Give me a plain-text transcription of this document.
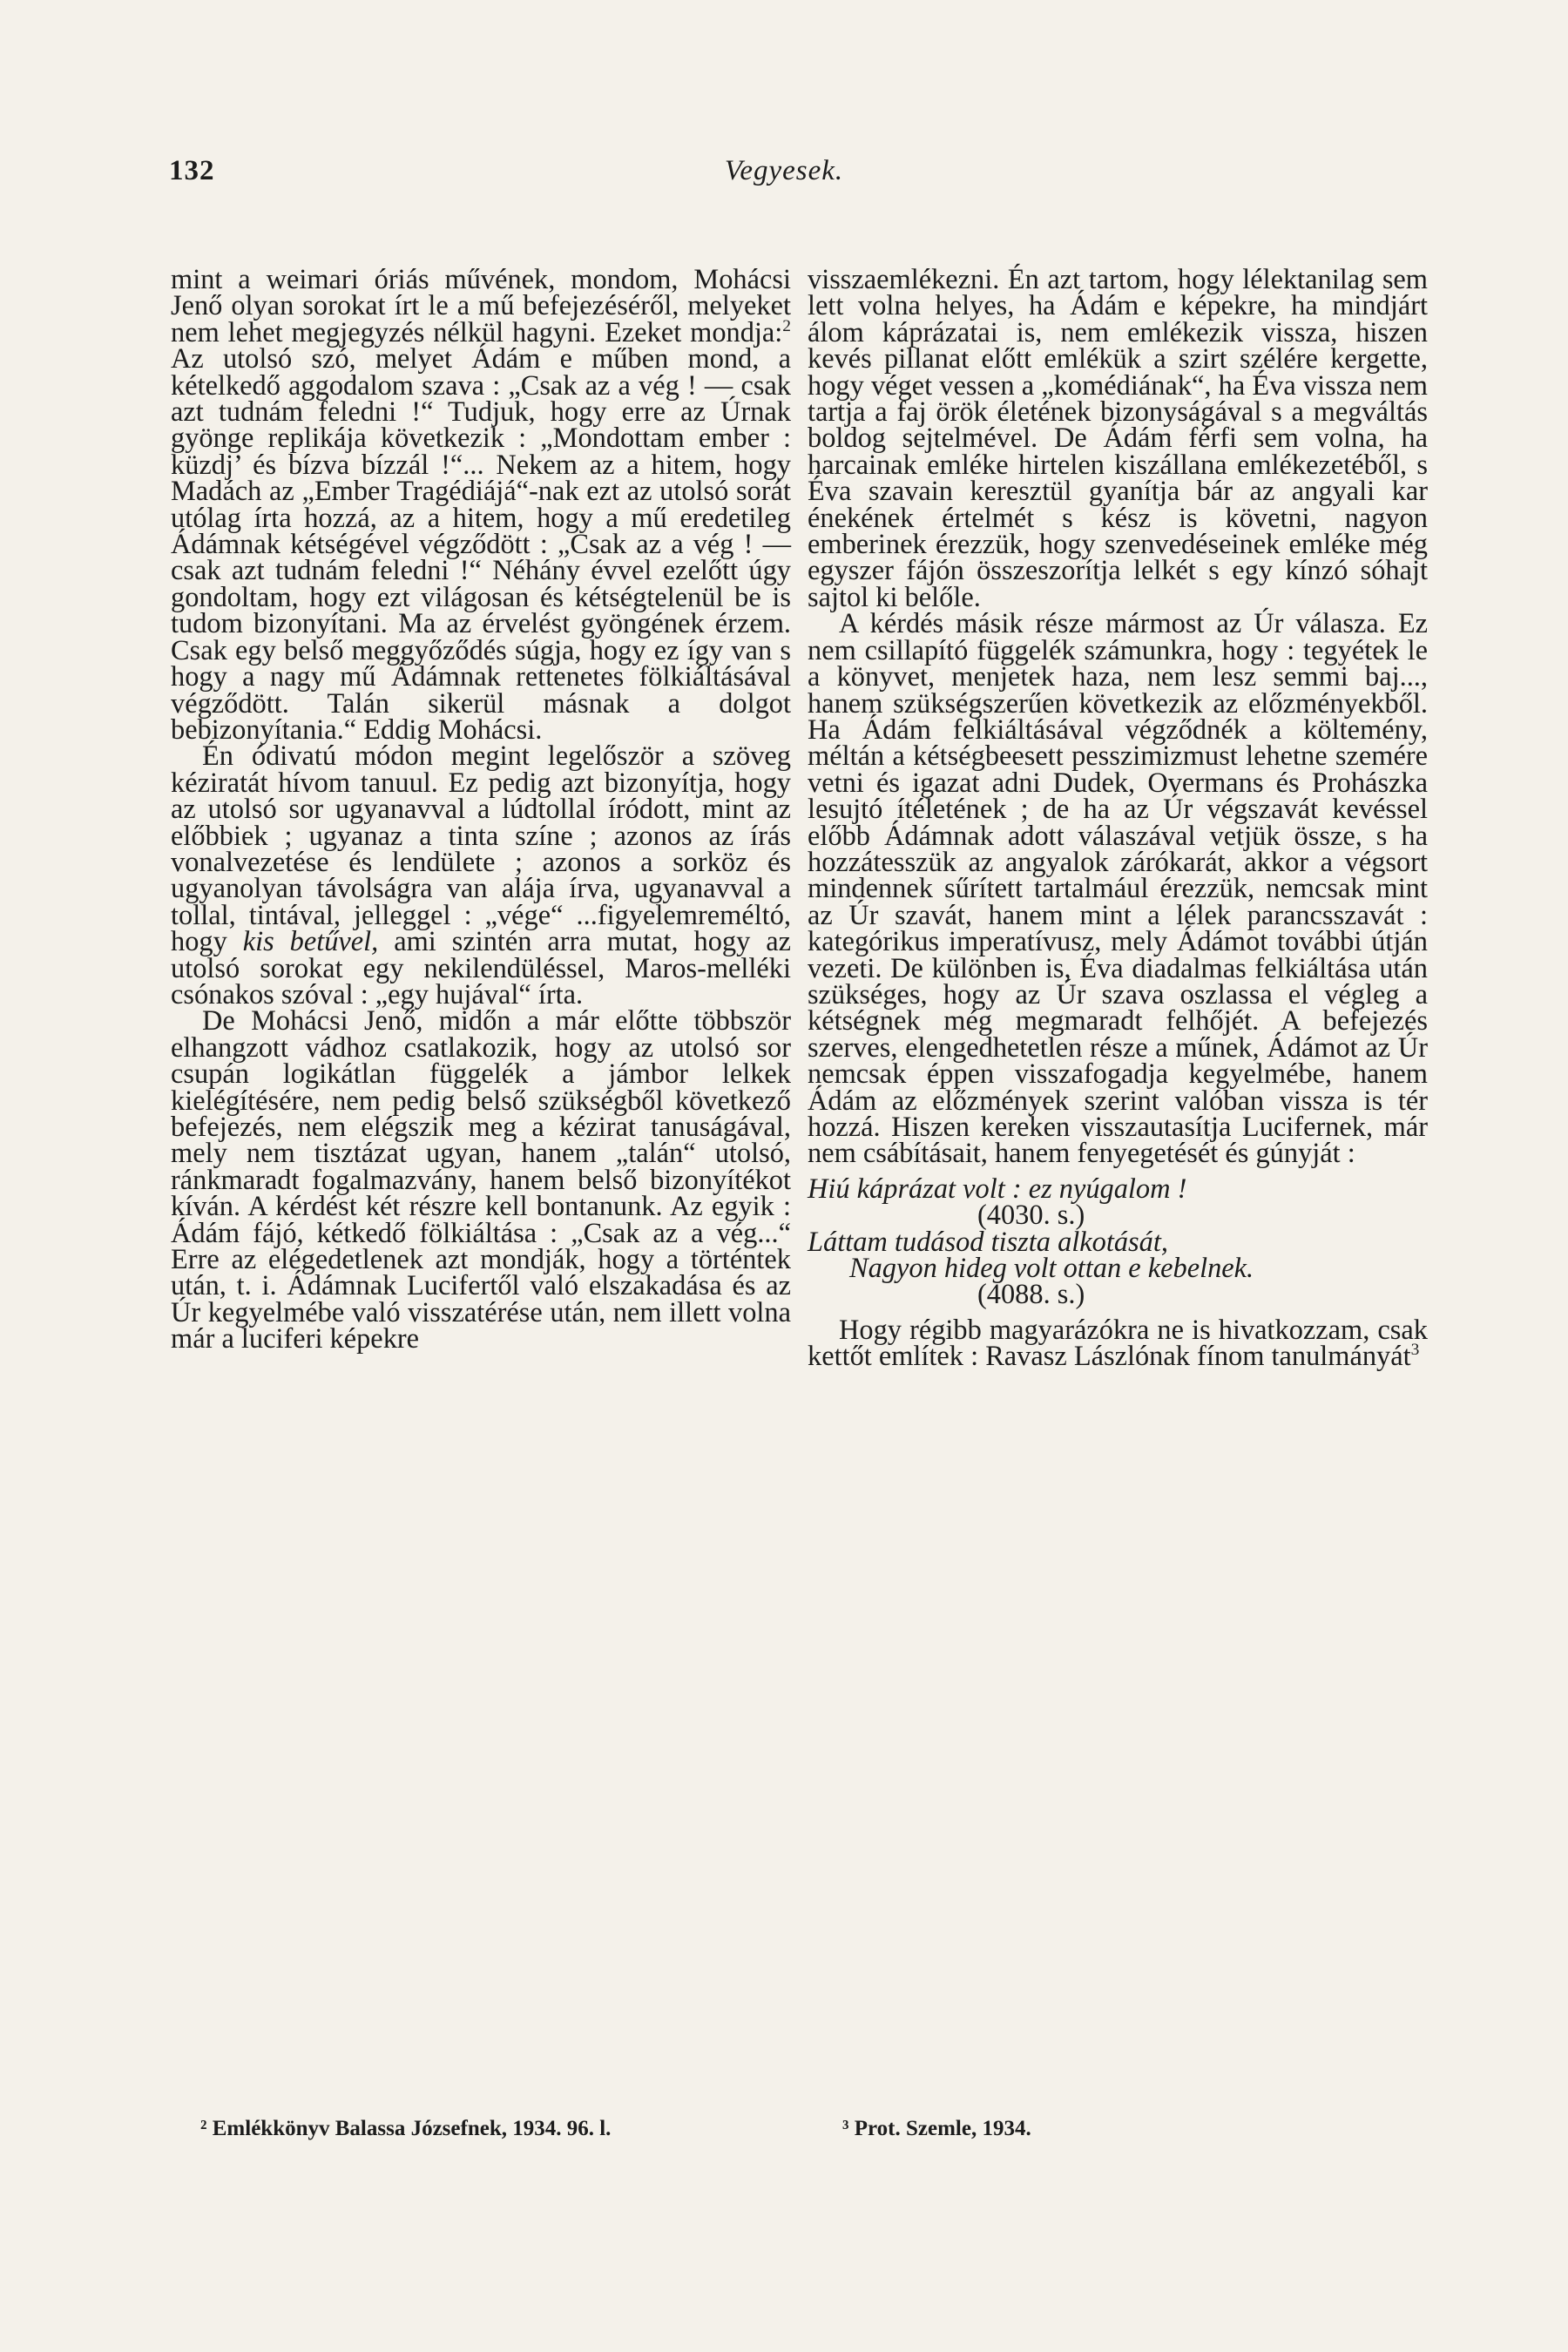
132	Vegyesek.

mint a weimari óriás művének, mondom, Mohácsi Jenő olyan sorokat írt le a mű befejezéséről, melyeket nem lehet megjegyzés nélkül hagyni. Ezeket mondja:$^2$ Az utolsó szó, melyet Ádám e műben mond, a kételkedő aggodalom szava : „Csak az a vég ! — csak azt tudnám feledni !“ Tudjuk, hogy erre az Úrnak gyönge replikája következik : „Mondottam ember : küzdj’ és bízva bízzál !“... Nekem az a hitem, hogy Madách az „Ember Tragédiájá“-nak ezt az utolsó sorát utólag írta hozzá, az a hitem, hogy a mű eredetileg Ádámnak kétségével végződött : „Csak az a vég ! — csak azt tudnám feledni !“ Néhány évvel ezelőtt úgy gondoltam, hogy ezt világosan és kétségtelenül be is tudom bizonyítani. Ma az érvelést gyöngének érzem. Csak egy belső meggyőződés súgja, hogy ez így van s hogy a nagy mű Ádámnak rettenetes fölkiáltásával végződött. Talán sikerül másnak a dolgot bebizonyítania.“ Eddig Mohácsi.

Én ódivatú módon megint legelőször a szöveg kéziratát hívom tanuul. Ez pedig azt bizonyítja, hogy az utolsó sor ugyanavval a lúdtollal íródott, mint az előbbiek ; ugyanaz a tinta színe ; azonos az írás vonalvezetése és lendülete ; azonos a sorköz és ugyanolyan távolságra van alája írva, ugyanavval a tollal, tintával, jelleggel : „vége“ ...figyelemreméltó, hogy kis betűvel, ami szintén arra mutat, hogy az utolsó sorokat egy nekilendüléssel, Maros-melléki csónakos szóval : „egy hujával“ írta.

De Mohácsi Jenő, midőn a már előtte többször elhangzott vádhoz csatlakozik, hogy az utolsó sor csupán logikátlan függelék a jámbor lelkek kielégítésére, nem pedig belső szükségből következő befejezés, nem elégszik meg a kézirat tanuságával, mely nem tisztázat ugyan, hanem „talán“ utolsó, ránkmaradt fogalmazvány, hanem belső bizonyítékot kíván. A kérdést két részre kell bontanunk. Az egyik : Ádám fájó, kétkedő fölkiáltása : „Csak az a vég...“ Erre az elégedetlenek azt mondják, hogy a történtek után, t. i. Ádámnak Lucifertől való elszakadása és az Úr kegyelmébe való visszatérése után, nem illett volna már a luciferi képekre

visszaemlékezni. Én azt tartom, hogy lélektanilag sem lett volna helyes, ha Ádám e képekre, ha mindjárt álom káprázatai is, nem emlékezik vissza, hiszen kevés pillanat előtt emlékük a szirt szélére kergette, hogy véget vessen a „komédiának“, ha Éva vissza nem tartja a faj örök életének bizonyságával s a megváltás boldog sejtelmével. De Ádám férfi sem volna, ha harcainak emléke hirtelen kiszállana emlékezetéből, s Éva szavain keresztül gyanítja bár az angyali kar énekének értelmét s kész is követni, nagyon emberinek érezzük, hogy szenvedéseinek emléke még egyszer fájón összeszorítja lelkét s egy kínzó sóhajt sajtol ki belőle.

A kérdés másik része mármost az Úr válasza. Ez nem csillapító függelék számunkra, hogy : tegyétek le a könyvet, menjetek haza, nem lesz semmi baj..., hanem szükségszerűen következik az előzményekből. Ha Ádám felkiáltásával végződnék a költemény, méltán a kétségbeesett pesszimizmust lehetne szemére vetni és igazat adni Dudek, Overmans és Prohászka lesujtó ítéletének ; de ha az Úr végszavát kevéssel előbb Ádámnak adott válaszával vetjük össze, s ha hozzátesszük az angyalok zárókarát, akkor a végsort mindennek sűrített tartalmául érezzük, nemcsak mint az Úr szavát, hanem mint a lélek parancsszavát : kategórikus imperatívusz, mely Ádámot további útján vezeti. De különben is, Éva diadalmas felkiáltása után szükséges, hogy az Úr szava oszlassa el végleg a kétségnek még megmaradt felhőjét. A befejezés szerves, elengedhetetlen része a műnek, Ádámot az Úr nemcsak éppen visszafogadja kegyelmébe, hanem Ádám az előzmények szerint valóban vissza is tér hozzá. Hiszen kereken visszautasítja Lucifernek, már nem csábításait, hanem fenyegetését és gúnyját :

Hiú káprázat volt : ez nyúgalom !
(4030. s.)
Láttam tudásod tiszta alkotását,
Nagyon hideg volt ottan e kebelnek.
(4088. s.)

Hogy régibb magyarázókra ne is hivatkozzam, csak kettőt említek : Ravasz Lászlónak fínom tanulmányát$^3$

² Emlékkönyv Balassa Józsefnek, 1934. 96. l.	³ Prot. Szemle, 1934.
